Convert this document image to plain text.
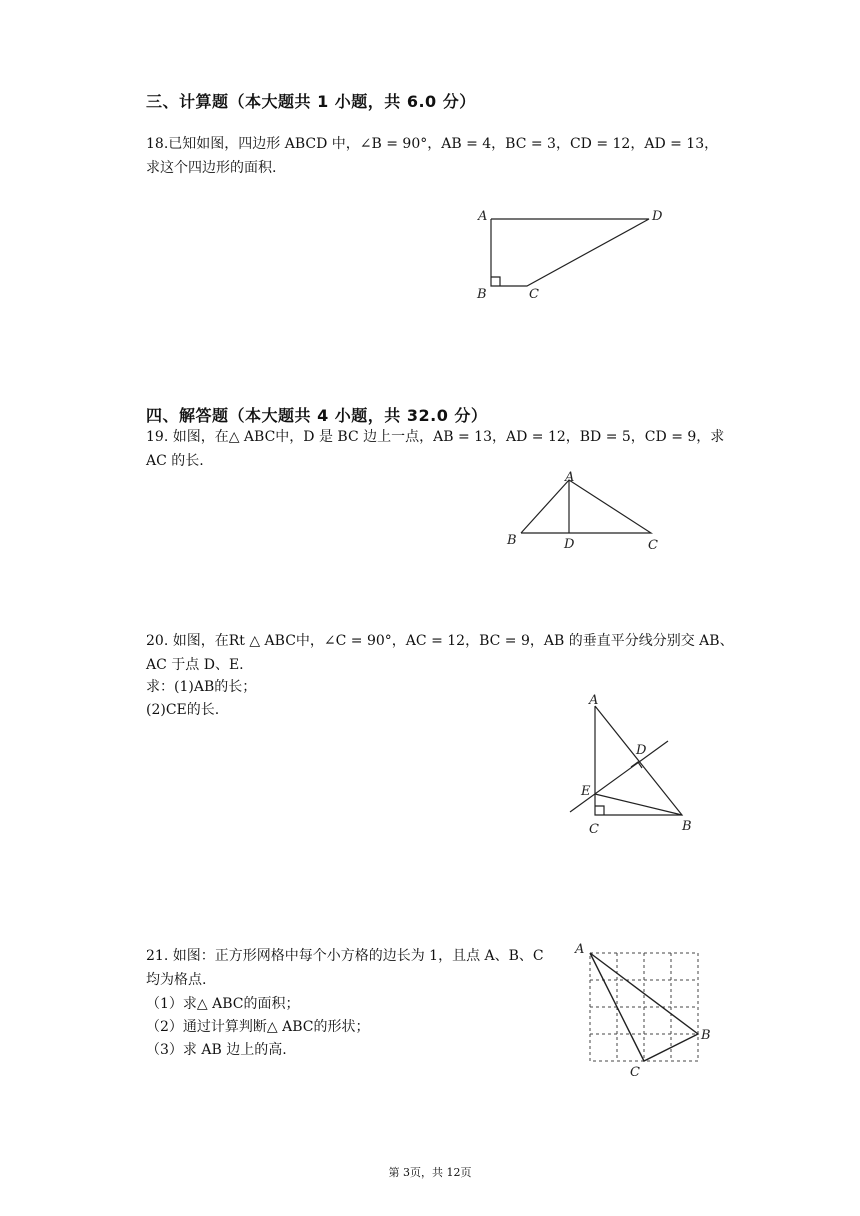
三、计算题（本大题共 1 小题，共 6.0 分）
18.已知如图，四边形 ABCD 中，∠B = 90°，AB = 4，BC = 3，CD = 12，AD = 13，
求这个四边形的面积.
A
B	C
D
A
B	D	C
A
D
E
C	B
A
B
C
四、解答题（本大题共 4 小题，共 32.0 分）
19. 如图，在△ ABC中，D 是 BC 边上一点，AB = 13，AD = 12，BD = 5，CD = 9，求
AC 的长.
20. 如图，在Rt △ ABC中，∠C = 90°，AC = 12，BC = 9，AB 的垂直平分线分别交 AB、
AC 于点 D、E.
求：(1)AB的长；
(2)CE的长.
21. 如图：正方形网格中每个小方格的边长为 1，且点 A、B、C
均为格点.
（1）求△ ABC的面积；
（2）通过计算判断△ ABC的形状；
（3）求 AB 边上的高.
第 3页，共 12页
